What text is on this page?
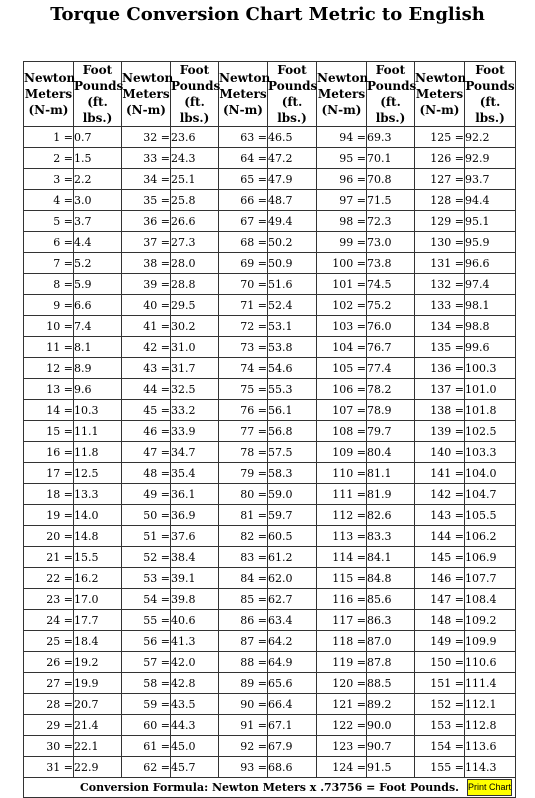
Torque Conversion Chart Metric to English
Newton
Meters
(N-m)	Foot
Pounds
(ft.
lbs.)	Newton
Meters
(N-m)	Foot
Pounds
(ft.
lbs.)	Newton
Meters
(N-m)	Foot
Pounds
(ft.
lbs.)	Newton
Meters
(N-m)	Foot
Pounds
(ft.
lbs.)	Newton
Meters
(N-m)	Foot
Pounds
(ft.
lbs.)

1 =	0.7	32 =	23.6	63 =	46.5	94 =	69.3	125 =	92.2
2 =	1.5	33 =	24.3	64 =	47.2	95 =	70.1	126 =	92.9
3 =	2.2	34 =	25.1	65 =	47.9	96 =	70.8	127 =	93.7
4 =	3.0	35 =	25.8	66 =	48.7	97 =	71.5	128 =	94.4
5 =	3.7	36 =	26.6	67 =	49.4	98 =	72.3	129 =	95.1
6 =	4.4	37 =	27.3	68 =	50.2	99 =	73.0	130 =	95.9
7 =	5.2	38 =	28.0	69 =	50.9	100 =	73.8	131 =	96.6
8 =	5.9	39 =	28.8	70 =	51.6	101 =	74.5	132 =	97.4
9 =	6.6	40 =	29.5	71 =	52.4	102 =	75.2	133 =	98.1
10 =	7.4	41 =	30.2	72 =	53.1	103 =	76.0	134 =	98.8
11 =	8.1	42 =	31.0	73 =	53.8	104 =	76.7	135 =	99.6
12 =	8.9	43 =	31.7	74 =	54.6	105 =	77.4	136 =	100.3
13 =	9.6	44 =	32.5	75 =	55.3	106 =	78.2	137 =	101.0
14 =	10.3	45 =	33.2	76 =	56.1	107 =	78.9	138 =	101.8
15 =	11.1	46 =	33.9	77 =	56.8	108 =	79.7	139 =	102.5
16 =	11.8	47 =	34.7	78 =	57.5	109 =	80.4	140 =	103.3
17 =	12.5	48 =	35.4	79 =	58.3	110 =	81.1	141 =	104.0
18 =	13.3	49 =	36.1	80 =	59.0	111 =	81.9	142 =	104.7
19 =	14.0	50 =	36.9	81 =	59.7	112 =	82.6	143 =	105.5
20 =	14.8	51 =	37.6	82 =	60.5	113 =	83.3	144 =	106.2
21 =	15.5	52 =	38.4	83 =	61.2	114 =	84.1	145 =	106.9
22 =	16.2	53 =	39.1	84 =	62.0	115 =	84.8	146 =	107.7
23 =	17.0	54 =	39.8	85 =	62.7	116 =	85.6	147 =	108.4
24 =	17.7	55 =	40.6	86 =	63.4	117 =	86.3	148 =	109.2
25 =	18.4	56 =	41.3	87 =	64.2	118 =	87.0	149 =	109.9
26 =	19.2	57 =	42.0	88 =	64.9	119 =	87.8	150 =	110.6
27 =	19.9	58 =	42.8	89 =	65.6	120 =	88.5	151 =	111.4
28 =	20.7	59 =	43.5	90 =	66.4	121 =	89.2	152 =	112.1
29 =	21.4	60 =	44.3	91 =	67.1	122 =	90.0	153 =	112.8
30 =	22.1	61 =	45.0	92 =	67.9	123 =	90.7	154 =	113.6
31 =	22.9	62 =	45.7	93 =	68.6	124 =	91.5	155 =	114.3
Conversion Formula: Newton Meters x .73756 = Foot Pounds. Print Chart									
